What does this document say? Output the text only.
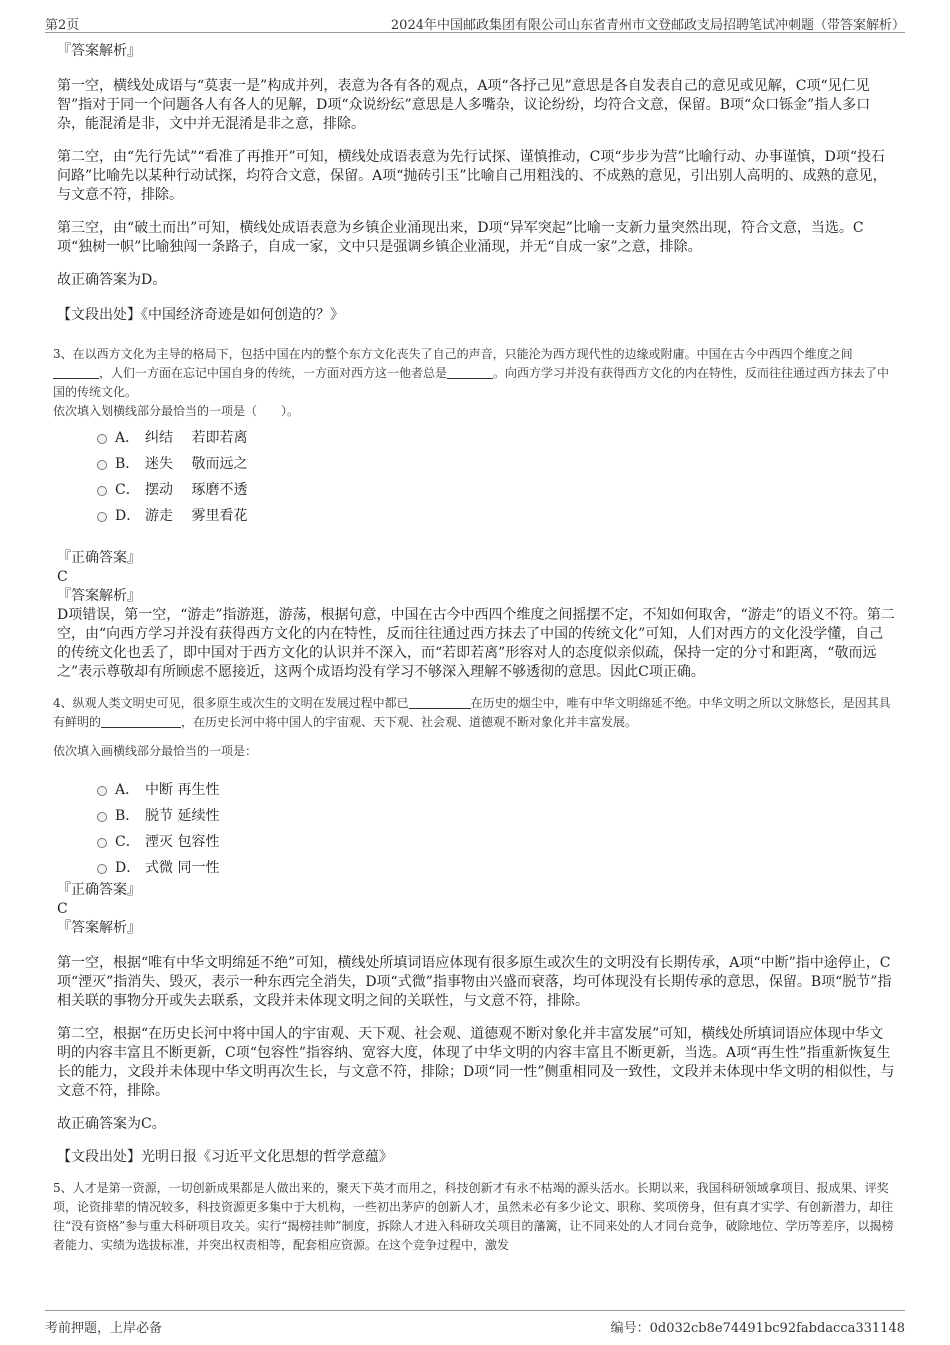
第2页	2024年中国邮政集团有限公司山东省青州市文登邮政支局招聘笔试冲刺题（带答案解析）

『答案解析』

第一空，横线处成语与“莫衷一是”构成并列，表意为各有各的观点，A项“各抒己见”意思是各自发表自己的意见或见解，C项“见仁见智”指对于同一个问题各人有各人的见解，D项“众说纷纭”意思是人多嘴杂，议论纷纷，均符合文意，保留。B项“众口铄金”指人多口杂，能混淆是非，文中并无混淆是非之意，排除。

第二空，由“先行先试”“看准了再推开”可知，横线处成语表意为先行试探、谨慎推动，C项“步步为营”比喻行动、办事谨慎，D项“投石问路”比喻先以某种行动试探，均符合文意，保留。A项“抛砖引玉”比喻自己用粗浅的、不成熟的意见，引出别人高明的、成熟的意见，与文意不符，排除。

第三空，由“破土而出”可知，横线处成语表意为乡镇企业涌现出来，D项“异军突起”比喻一支新力量突然出现，符合文意，当选。C项“独树一帜”比喻独闯一条路子，自成一家，文中只是强调乡镇企业涌现，并无“自成一家”之意，排除。

故正确答案为D。

【文段出处】《中国经济奇迹是如何创造的？》

3、在以西方文化为主导的格局下，包括中国在内的整个东方文化丧失了自己的声音，只能沦为西方现代性的边缘或附庸。中国在古今中西四个维度之间，人们一方面在忘记中国自身的传统，一方面对西方这一他者总是	。向西方学习并没有获得西方文化的内在特性，反而往往通过西方抹去了中国的传统文化。

依次填入划横线部分最恰当的一项是（　　）。

A． 纠结　 若即若离
B． 迷失　 敬而远之
C． 摆动　 琢磨不透
D． 游走　 雾里看花

『正确答案』

C

『答案解析』

D项错误，第一空，“游走”指游逛，游荡，根据句意，中国在古今中西四个维度之间摇摆不定，不知如何取舍，“游走”的语义不符。第二空，由“向西方学习并没有获得西方文化的内在特性，反而往往通过西方抹去了中国的传统文化”可知，人们对西方的文化没学懂，自己的传统文化也丢了，即中国对于西方文化的认识并不深入，而“若即若离”形容对人的态度似亲似疏，保持一定的分寸和距离，“敬而远之”表示尊敬却有所顾虑不愿接近，这两个成语均没有学习不够深入理解不够透彻的意思。因此C项正确。

4、纵观人类文明史可见，很多原生或次生的文明在发展过程中都已	在历史的烟尘中，唯有中华文明绵延不绝。中华文明之所以文脉悠长，是因其具有鲜明的	，在历史长河中将中国人的宇宙观、天下观、社会观、道德观不断对象化并丰富发展。

依次填入画横线部分最恰当的一项是：

A． 中断 再生性
B． 脱节 延续性
C． 湮灭 包容性
D． 式微 同一性

『正确答案』

C

『答案解析』

第一空，根据“唯有中华文明绵延不绝”可知，横线处所填词语应体现有很多原生或次生的文明没有长期传承，A项“中断”指中途停止，C项“湮灭”指消失、毁灭，表示一种东西完全消失，D项“式微”指事物由兴盛而衰落，均可体现没有长期传承的意思，保留。B项“脱节”指相关联的事物分开或失去联系，文段并未体现文明之间的关联性，与文意不符，排除。

第二空，根据“在历史长河中将中国人的宇宙观、天下观、社会观、道德观不断对象化并丰富发展”可知，横线处所填词语应体现中华文明的内容丰富且不断更新，C项“包容性”指容纳、宽容大度，体现了中华文明的内容丰富且不断更新，当选。A项“再生性”指重新恢复生长的能力，文段并未体现中华文明再次生长，与文意不符，排除；D项“同一性”侧重相同及一致性，文段并未体现中华文明的相似性，与文意不符，排除。

故正确答案为C。

【文段出处】光明日报《习近平文化思想的哲学意蕴》

5、人才是第一资源，一切创新成果都是人做出来的，聚天下英才而用之，科技创新才有永不枯竭的源头活水。长期以来，我国科研领域拿项目、报成果、评奖项，论资排辈的情况较多，科技资源更多集中于大机构，一些初出茅庐的创新人才，虽然未必有多少论文、职称、奖项傍身，但有真才实学、有创新潜力，却往往“没有资格”参与重大科研项目攻关。实行“揭榜挂帅”制度，拆除人才进入科研攻关项目的藩篱，让不同来处的人才同台竞争，破除地位、学历等差序，以揭榜者能力、实绩为选拔标准，并突出权责相等，配套相应资源。在这个竞争过程中，激发

考前押题，上岸必备	编号：0d032cb8e74491bc92fabdacca331148
